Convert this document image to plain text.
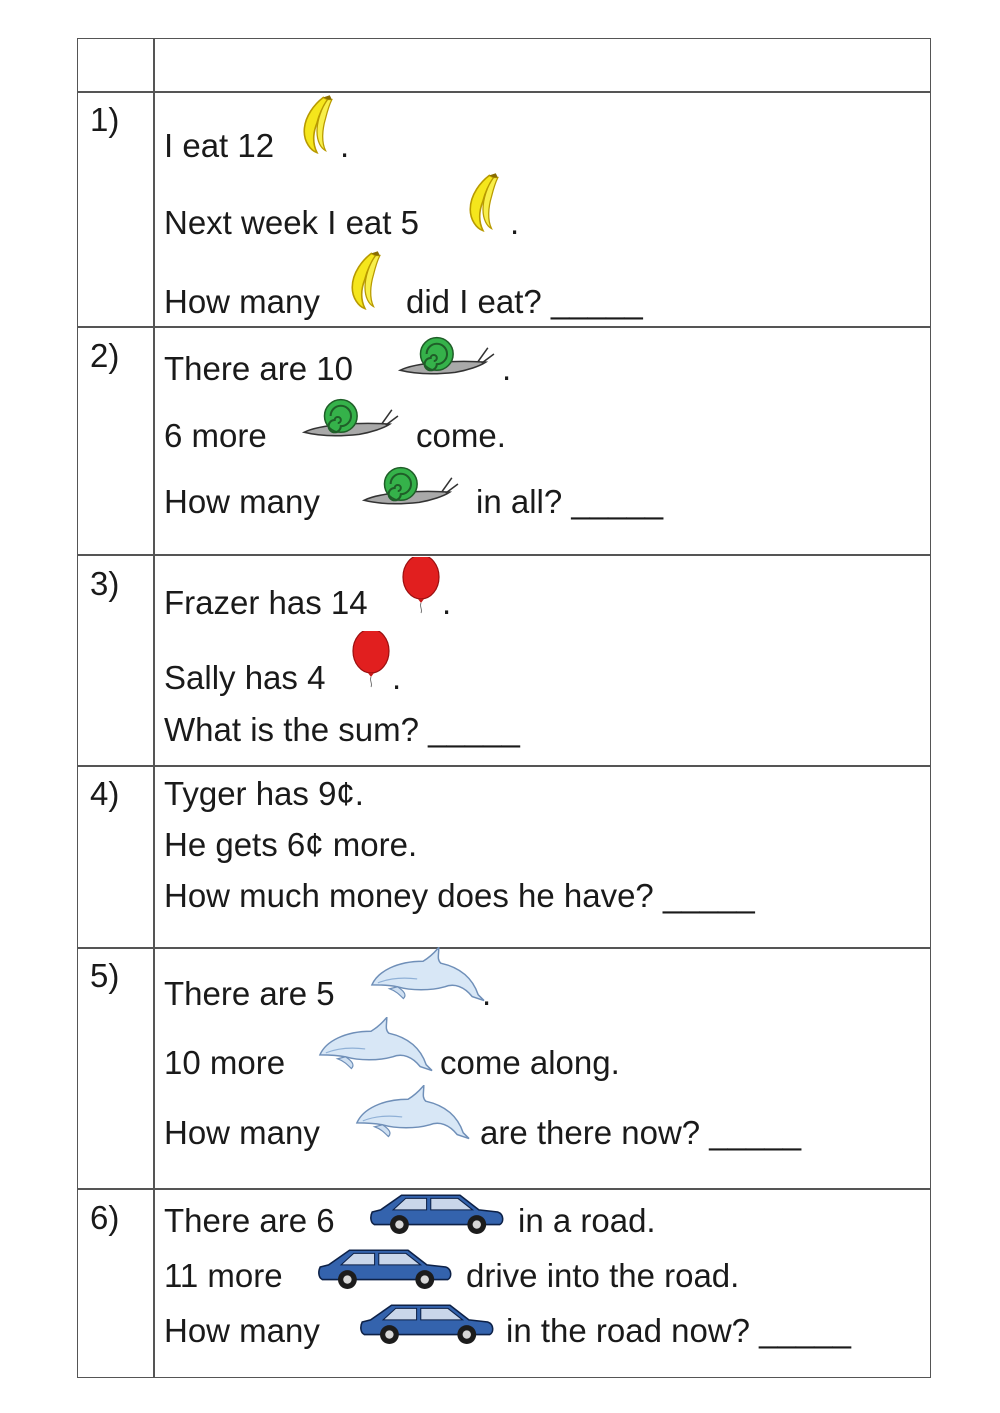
1)
I eat 12 .
Next week I eat 5	.
How many	did I eat? _____
2) There are 10	.
6 more	come.
How many	in all? _____
3)
Frazer has 14 .
Sally has 4 .
What is the sum? _____
4) Tyger has 9¢.
He gets 6¢ more.
How much money does he have? _____
5) There are 5	.
10 more	come along.
How many	are there now? _____
6) There are 6	in a road.
11 more	drive into the road.
How many	in the road now? _____
